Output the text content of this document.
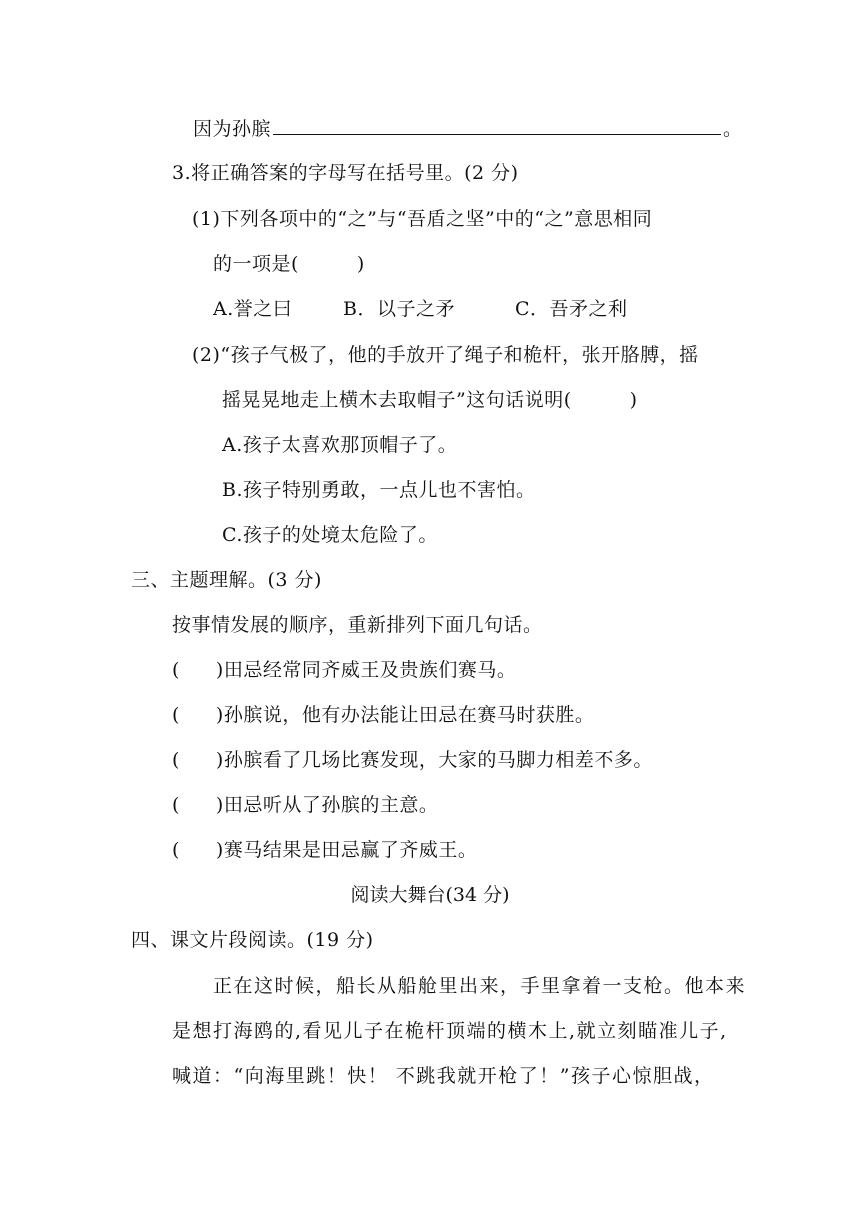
因为孙膑	。
3.将正确答案的字母写在括号里。(2 分)
(1)下列各项中的“之”与“吾盾之坚”中的“之”意思相同
的一项是(	)
A.誉之曰	B．以子之矛	C．吾矛之利
(2)“孩子气极了，他的手放开了绳子和桅杆，张开胳膊，摇
摇晃晃地走上横木去取帽子”这句话说明(	)
A.孩子太喜欢那顶帽子了。
B.孩子特别勇敢，一点儿也不害怕。
C.孩子的处境太危险了。
三、主题理解。(3 分)
按事情发展的顺序，重新排列下面几句话。
( )田忌经常同齐威王及贵族们赛马。
( )孙膑说，他有办法能让田忌在赛马时获胜。
( )孙膑看了几场比赛发现，大家的马脚力相差不多。
( )田忌听从了孙膑的主意。
( )赛马结果是田忌赢了齐威王。
阅读大舞台(34 分)
四、课文片段阅读。(19 分)
正在这时候，船长从船舱里出来，手里拿着一支枪。他本来
是想打海鸥的,看见儿子在桅杆顶端的横木上,就立刻瞄准儿子,
喊道：“向海里跳！快！ 不跳我就开枪了！”孩子心惊胆战，
